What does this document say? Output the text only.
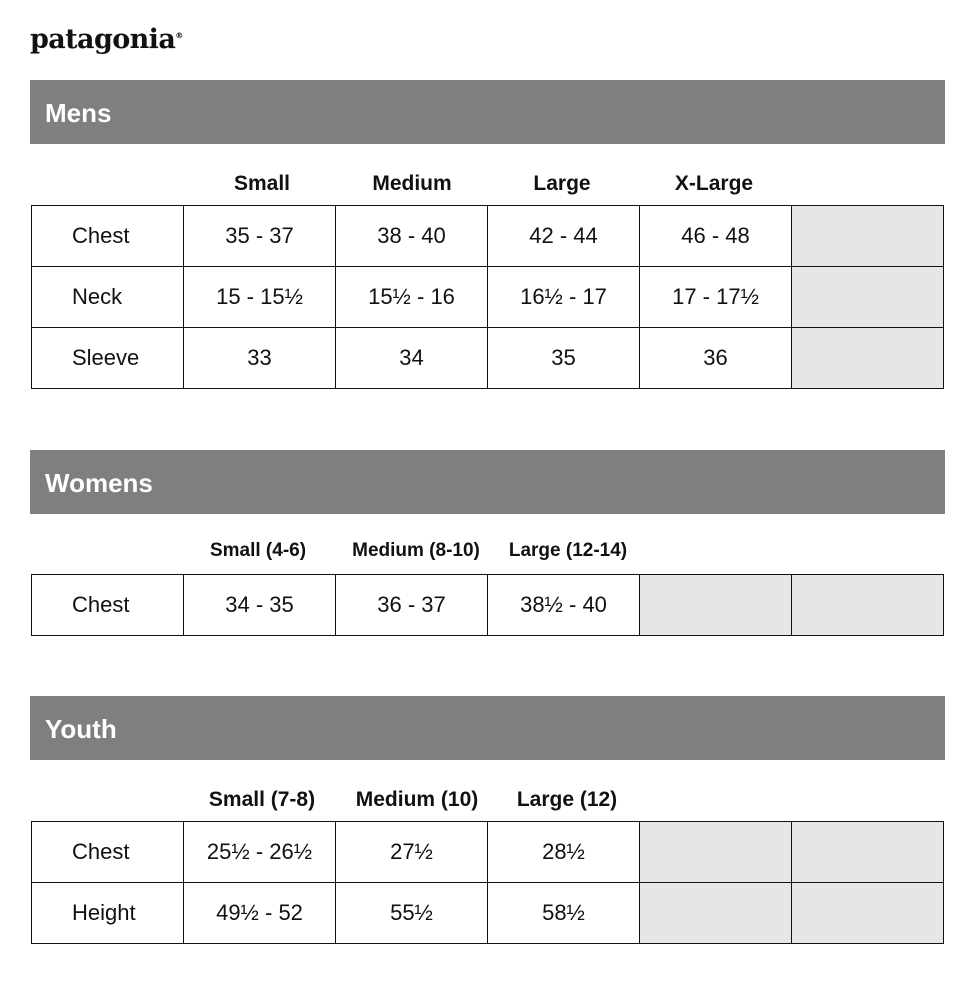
patagonia®
Mens
Small	Medium	Large	X-Large
Chest	35 - 37	38 - 40	42 - 44	46 - 48	
Neck	15 - 15½	15½ - 16	16½ - 17	17 - 17½	
Sleeve	33	34	35	36	
Womens
Small (4-6)	Medium (8-10)	Large (12-14)
Chest	34 - 35	36 - 37	38½ - 40		
Youth
Small (7-8)	Medium (10)	Large (12)
Chest	25½ - 26½	27½	28½		
Height	49½ - 52	55½	58½		
